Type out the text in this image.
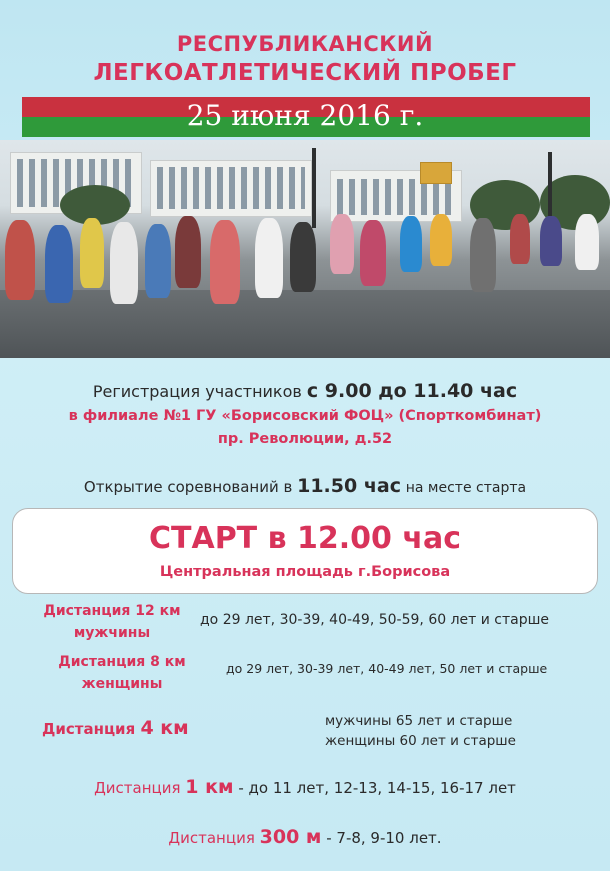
РЕСПУБЛИКАНСКИЙ
ЛЕГКОАТЛЕТИЧЕСКИЙ ПРОБЕГ
25 июня 2016 г.
Регистрация участников с 9.00 до 11.40 час
в филиале №1 ГУ «Борисовский ФОЦ» (Спорткомбинат)
пр. Революции, д.52
Открытие соревнований в 11.50 час на месте старта
СТАРТ в 12.00 час
Центральная площадь г.Борисова
Дистанция 12 км
мужчины
до 29 лет, 30-39, 40-49, 50-59, 60 лет и старше
Дистанция 8 км
женщины
до 29 лет, 30-39 лет, 40-49 лет, 50 лет и старше
Дистанция 4 км	мужчины 65 лет и старше
женщины 60 лет и старше
Дистанция 1 км - до 11 лет, 12-13, 14-15, 16-17 лет
Дистанция 300 м - 7-8, 9-10 лет.
